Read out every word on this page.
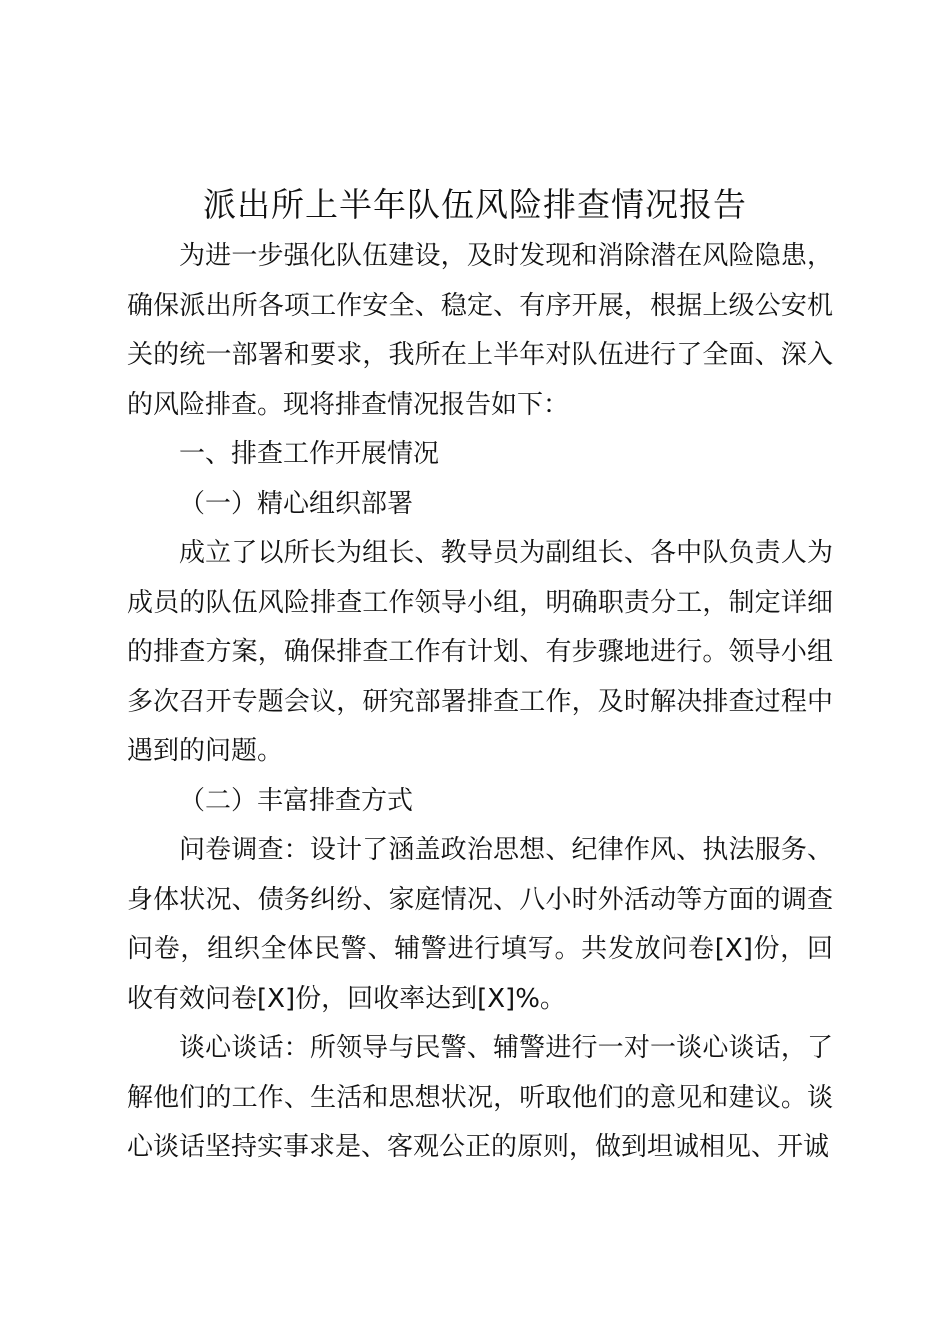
派出所上半年队伍风险排查情况报告

为进一步强化队伍建设，及时发现和消除潜在风险隐患，确保派出所各项工作安全、稳定、有序开展，根据上级公安机关的统一部署和要求，我所在上半年对队伍进行了全面、深入的风险排查。现将排查情况报告如下：

一、排查工作开展情况

（一）精心组织部署

成立了以所长为组长、教导员为副组长、各中队负责人为成员的队伍风险排查工作领导小组，明确职责分工，制定详细的排查方案，确保排查工作有计划、有步骤地进行。领导小组多次召开专题会议，研究部署排查工作，及时解决排查过程中遇到的问题。

（二）丰富排查方式

问卷调查：设计了涵盖政治思想、纪律作风、执法服务、身体状况、债务纠纷、家庭情况、八小时外活动等方面的调查问卷，组织全体民警、辅警进行填写。共发放问卷[X]份，回收有效问卷[X]份，回收率达到[X]%。

谈心谈话：所领导与民警、辅警进行一对一谈心谈话，了解他们的工作、生活和思想状况，听取他们的意见和建议。谈心谈话坚持实事求是、客观公正的原则，做到坦诚相见、开诚
